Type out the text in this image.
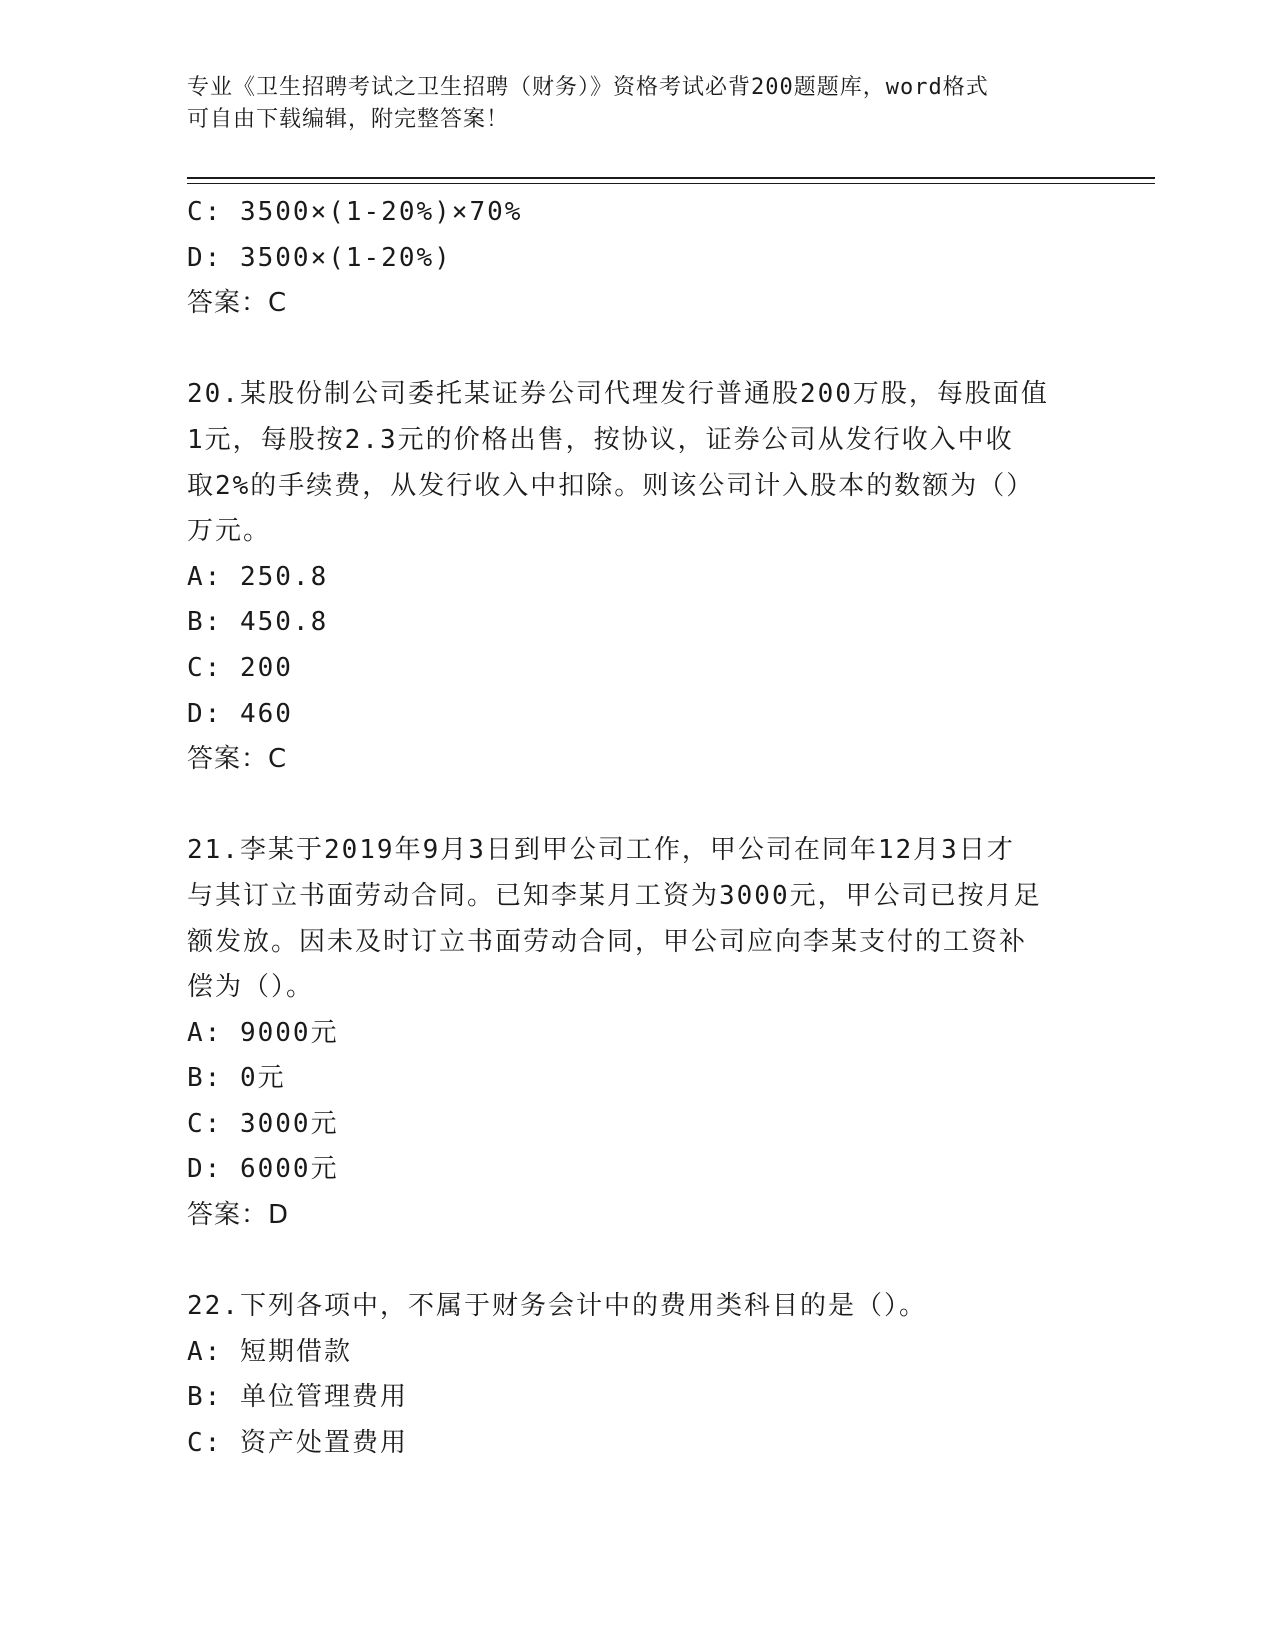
专业《卫生招聘考试之卫生招聘（财务）》资格考试必背200题题库，word格式
可自由下载编辑，附完整答案！
C: 3500×(1-20%)×70%
D: 3500×(1-20%)
答案：C
20.某股份制公司委托某证券公司代理发行普通股200万股，每股面值
1元，每股按2.3元的价格出售，按协议，证券公司从发行收入中收
取2%的手续费，从发行收入中扣除。则该公司计入股本的数额为（）
万元。
A: 250.8
B: 450.8
C: 200
D: 460
答案：C
21.李某于2019年9月3日到甲公司工作，甲公司在同年12月3日才
与其订立书面劳动合同。已知李某月工资为3000元，甲公司已按月足
额发放。因未及时订立书面劳动合同，甲公司应向李某支付的工资补
偿为（）。
A: 9000元
B: 0元
C: 3000元
D: 6000元
答案：D
22.下列各项中，不属于财务会计中的费用类科目的是（）。
A: 短期借款
B: 单位管理费用
C: 资产处置费用
